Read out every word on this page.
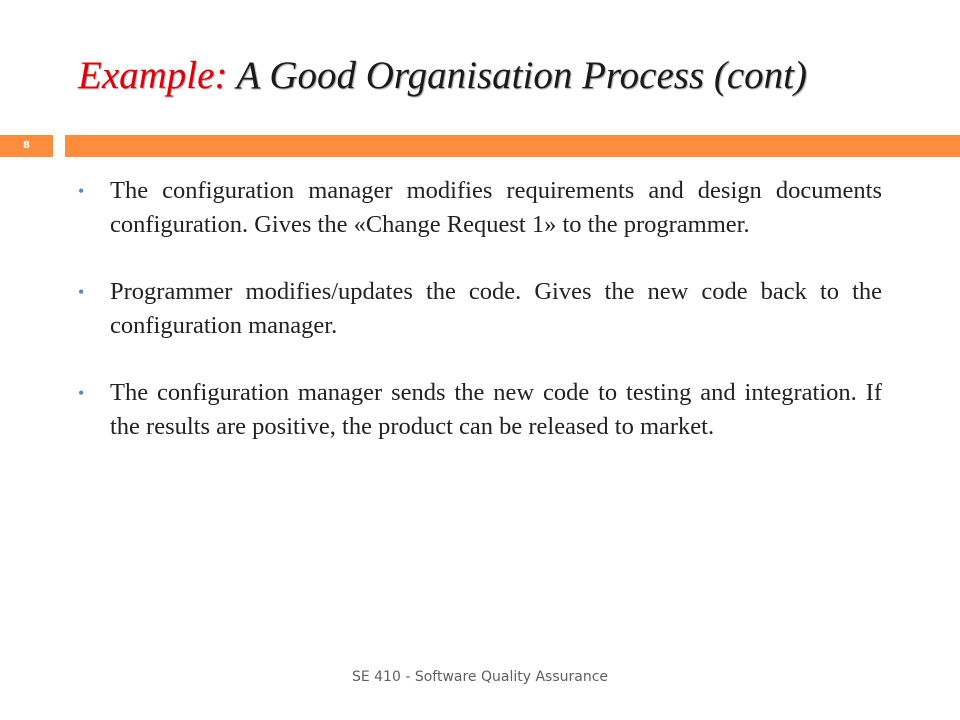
Example: A Good Organisation Process (cont)
8
•	The configuration manager modifies requirements and design documents configuration. Gives the «Change Request 1» to the programmer.
•	Programmer modifies/updates the code. Gives the new code back to the configuration manager.
•	The configuration manager sends the new code to testing and integration. If the results are positive, the product can be released to market.
SE 410 - Software Quality Assurance
